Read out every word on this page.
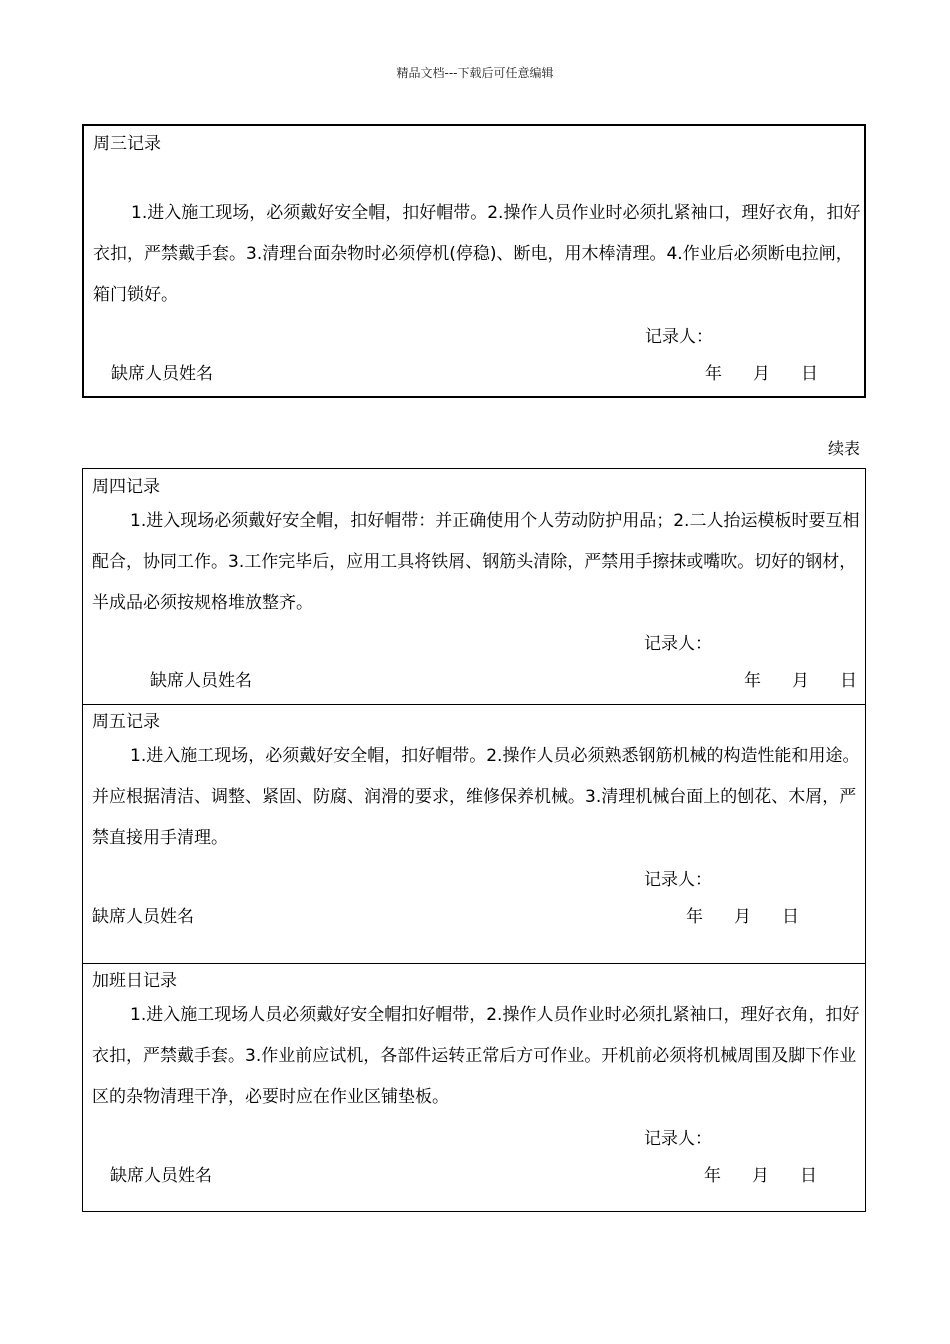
精品文档---下载后可任意编辑
周三记录
1.进入施工现场，必须戴好安全帽，扣好帽带。2.操作人员作业时必须扎紧袖口，理好衣角，扣好衣扣，严禁戴手套。3.清理台面杂物时必须停机(停稳)、断电，用木棒清理。4.作业后必须断电拉闸，箱门锁好。
记录人：
缺席人员姓名	年 月 日
续表
周四记录
1.进入现场必须戴好安全帽，扣好帽带：并正确使用个人劳动防护用品；2.二人抬运模板时要互相配合，协同工作。3.工作完毕后，应用工具将铁屑、钢筋头清除，严禁用手擦抹或嘴吹。切好的钢材，半成品必须按规格堆放整齐。
记录人：
缺席人员姓名	年 月 日
周五记录
1.进入施工现场，必须戴好安全帽，扣好帽带。2.操作人员必须熟悉钢筋机械的构造性能和用途。并应根据清洁、调整、紧固、防腐、润滑的要求，维修保养机械。3.清理机械台面上的刨花、木屑，严禁直接用手清理。
记录人：
缺席人员姓名	年 月 日
加班日记录
1.进入施工现场人员必须戴好安全帽扣好帽带，2.操作人员作业时必须扎紧袖口，理好衣角，扣好衣扣，严禁戴手套。3.作业前应试机，各部件运转正常后方可作业。开机前必须将机械周围及脚下作业区的杂物清理干净，必要时应在作业区铺垫板。
记录人：
缺席人员姓名	年 月 日
